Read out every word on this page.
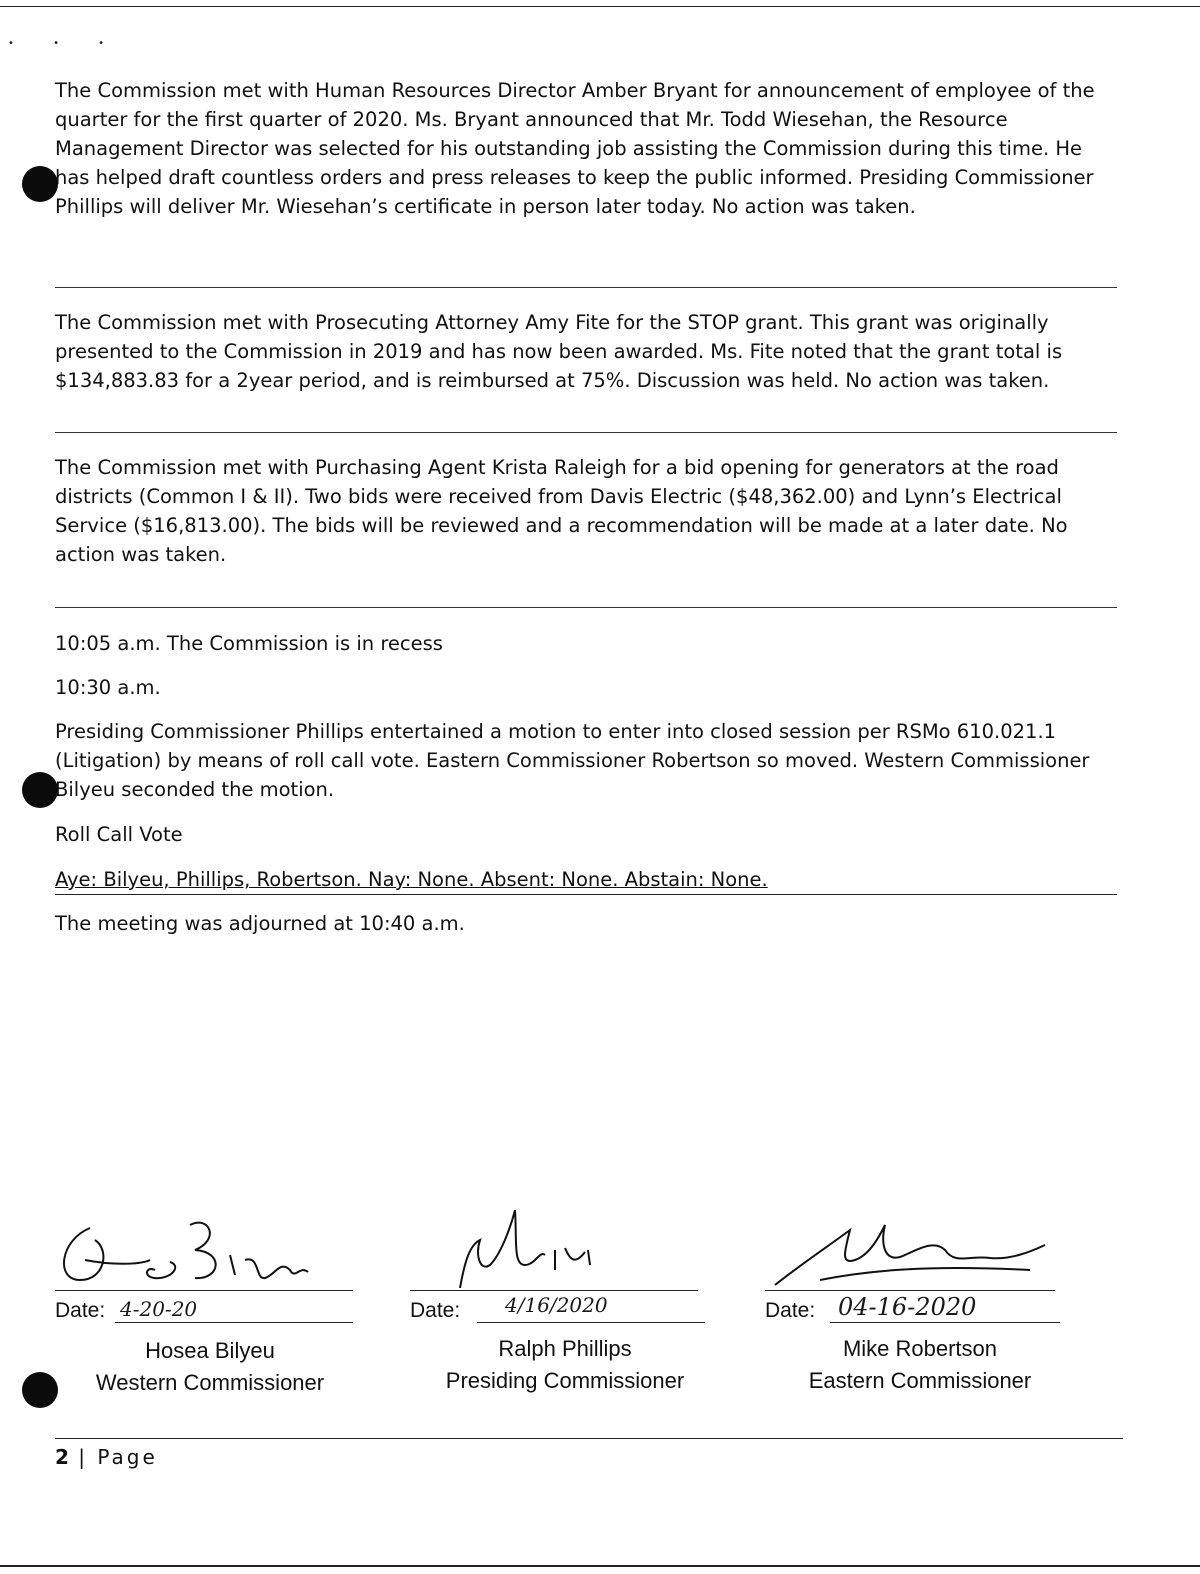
• • •

The Commission met with Human Resources Director Amber Bryant for announcement of employee of the quarter for the first quarter of 2020. Ms. Bryant announced that Mr. Todd Wiesehan, the Resource Management Director was selected for his outstanding job assisting the Commission during this time. He has helped draft countless orders and press releases to keep the public informed. Presiding Commissioner Phillips will deliver Mr. Wiesehan’s certificate in person later today. No action was taken.

The Commission met with Prosecuting Attorney Amy Fite for the STOP grant. This grant was originally presented to the Commission in 2019 and has now been awarded. Ms. Fite noted that the grant total is $134,883.83 for a 2year period, and is reimbursed at 75%. Discussion was held. No action was taken.

The Commission met with Purchasing Agent Krista Raleigh for a bid opening for generators at the road districts (Common I & II). Two bids were received from Davis Electric ($48,362.00) and Lynn’s Electrical Service ($16,813.00). The bids will be reviewed and a recommendation will be made at a later date. No action was taken.

10:05 a.m. The Commission is in recess
10:30 a.m.

Presiding Commissioner Phillips entertained a motion to enter into closed session per RSMo 610.021.1 (Litigation) by means of roll call vote. Eastern Commissioner Robertson so moved. Western Commissioner Bilyeu seconded the motion.

Roll Call Vote
Aye: Bilyeu, Phillips, Robertson. Nay: None. Absent: None. Abstain: None.
The meeting was adjourned at 10:40 a.m.
Date: 4-20-20
Hosea Bilyeu
Western Commissioner
Date: 4/16/2020
Ralph Phillips
Presiding Commissioner
Date: 04-16-2020
Mike Robertson
Eastern Commissioner
2 | Page
